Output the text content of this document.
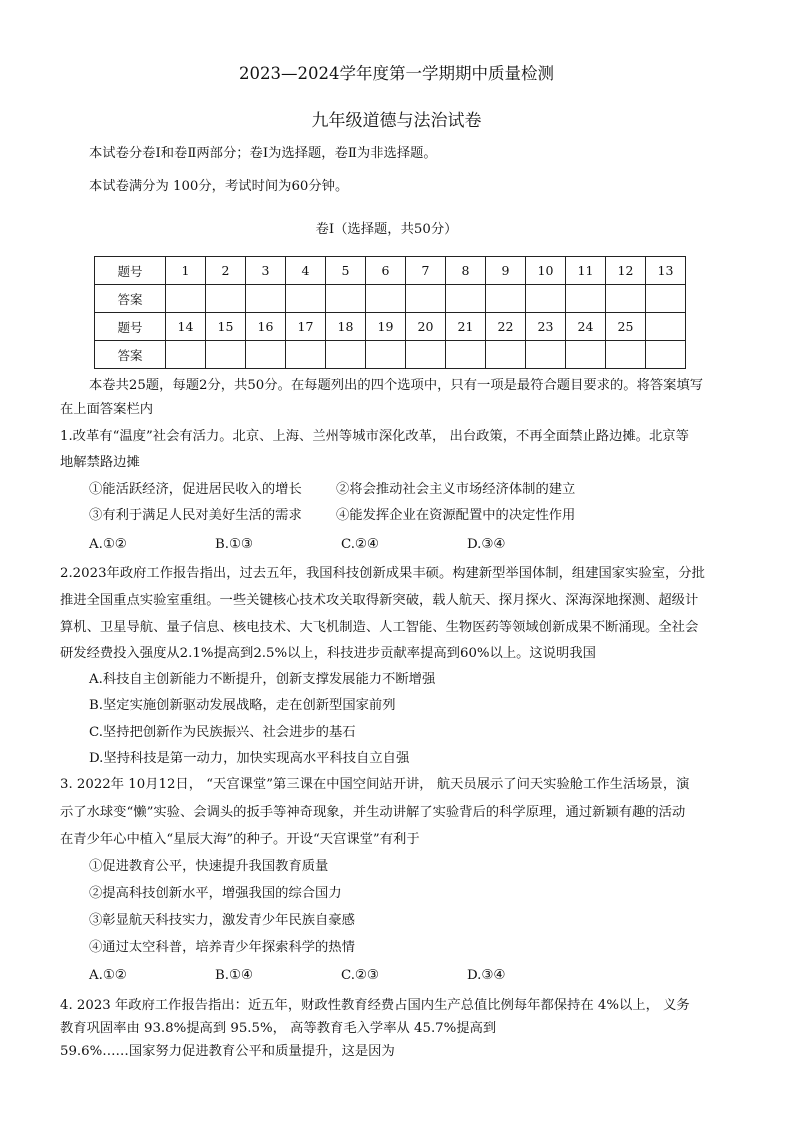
2023—2024学年度第一学期期中质量检测
九年级道德与法治试卷
本试卷分卷Ⅰ和卷Ⅱ两部分；卷Ⅰ为选择题，卷Ⅱ为非选择题。
本试卷满分为 100分，考试时间为60分钟。
卷Ⅰ（选择题，共50分）
题号	1	2	3	4	5	6	7	8	9	10	11	12	13
答案													
题号	14	15	16	17	18	19	20	21	22	23	24	25	
答案													
本卷共25题，每题2分，共50分。在每题列出的四个选项中，只有一项是最符合题目要求的。将答案填写
在上面答案栏内
1.改革有“温度”社会有活力。北京、上海、兰州等城市深化改革， 出台政策，不再全面禁止路边摊。北京等
地解禁路边摊
①能活跃经济，促进居民收入的增长	②将会推动社会主义市场经济体制的建立
③有利于满足人民对美好生活的需求	④能发挥企业在资源配置中的决定性作用
A.①②	B.①③	C.②④	D.③④
2.2023年政府工作报告指出，过去五年，我国科技创新成果丰硕。构建新型举国体制，组建国家实验室，分批
推进全国重点实验室重组。一些关键核心技术攻关取得新突破，载人航天、探月探火、深海深地探测、超级计
算机、卫星导航、量子信息、核电技术、大飞机制造、人工智能、生物医药等领域创新成果不断涌现。全社会
研发经费投入强度从2.1%提高到2.5%以上，科技进步贡献率提高到60%以上。这说明我国
A.科技自主创新能力不断提升，创新支撑发展能力不断增强
B.坚定实施创新驱动发展战略，走在创新型国家前列
C.坚持把创新作为民族振兴、社会进步的基石
D.坚持科技是第一动力，加快实现高水平科技自立自强
3. 2022年 10月12日， “天宫课堂”第三课在中国空间站开讲， 航天员展示了问天实验舱工作生活场景，演
示了水球变“懒”实验、会调头的扳手等神奇现象，并生动讲解了实验背后的科学原理，通过新颖有趣的活动
在青少年心中植入“星辰大海”的种子。开设“天宫课堂”有利于
①促进教育公平，快速提升我国教育质量
②提高科技创新水平，增强我国的综合国力
③彰显航天科技实力，激发青少年民族自豪感
④通过太空科普，培养青少年探索科学的热情
A.①②	B.①④	C.②③	D.③④
4. 2023 年政府工作报告指出：近五年，财政性教育经费占国内生产总值比例每年都保持在 4%以上， 义务
教育巩固率由 93.8%提高到 95.5%， 高等教育毛入学率从 45.7%提高到
59.6%……国家努力促进教育公平和质量提升，这是因为
